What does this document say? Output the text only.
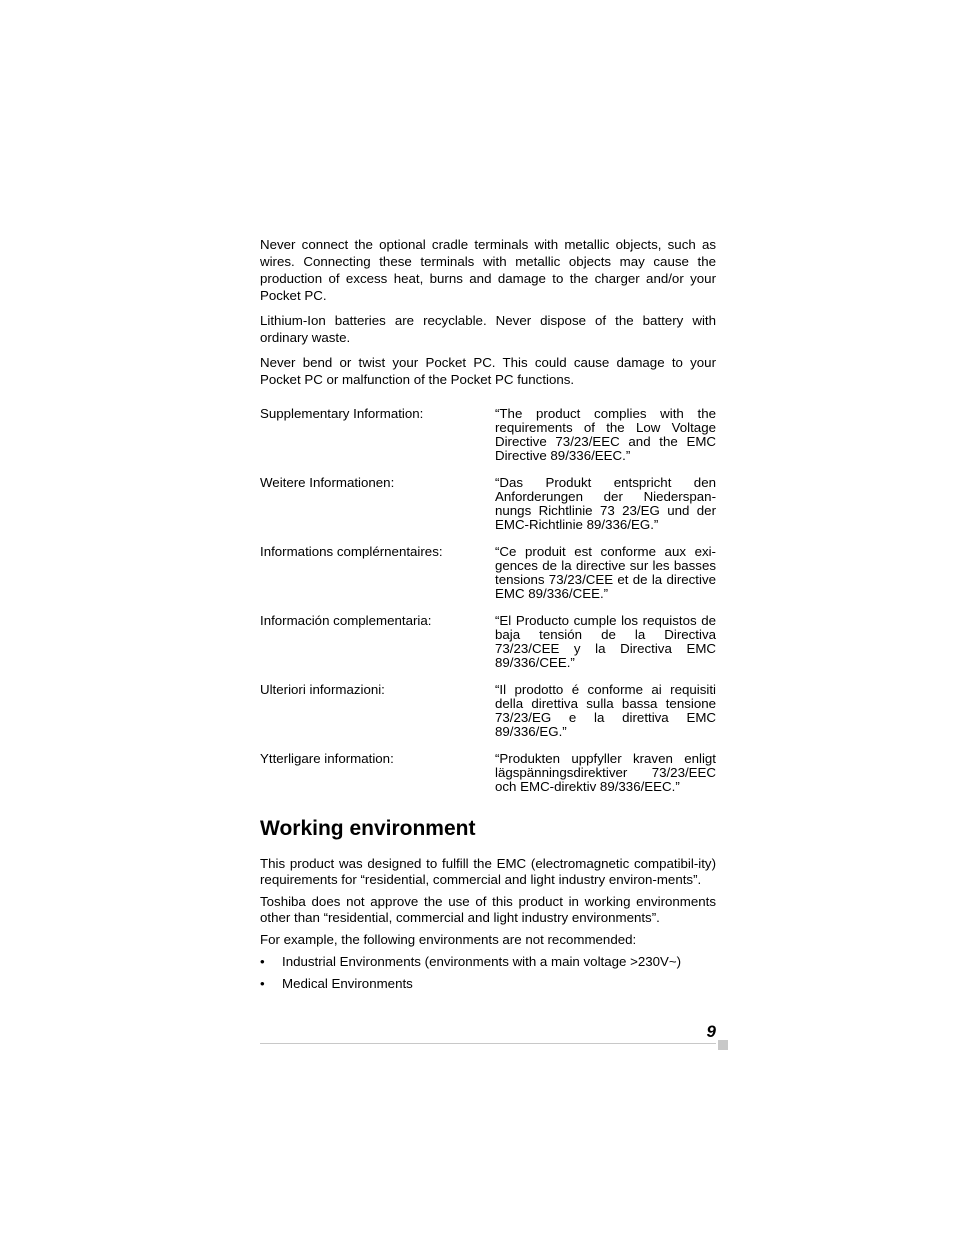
Never connect the optional cradle terminals with metallic objects, such as wires. Connecting these terminals with metallic objects may cause the production of excess heat, burns and damage to the charger and/or your Pocket PC.

Lithium-Ion batteries are recyclable. Never dispose of the battery with ordinary waste.

Never bend or twist your Pocket PC. This could cause damage to your Pocket PC or malfunction of the Pocket PC functions.

Supplementary Information:	“The product complies with the requirements of the Low Voltage Directive 73/23/EEC and the EMC Directive 89/336/EEC.”
Weitere Informationen:	“Das Produkt entspricht den Anforderungen der Niederspan-nungs Richtlinie 73 23/EG und der EMC-Richtlinie 89/336/EG.”
Informations complérnentaires:	“Ce produit est conforme aux exi-gences de la directive sur les basses tensions 73/23/CEE et de la directive EMC 89/336/CEE.”
Información complementaria:	“El Producto cumple los requistos de baja tensión de la Directiva 73/23/CEE y la Directiva EMC 89/336/CEE.”
Ulteriori informazioni:	“Il prodotto é conforme ai requisiti della direttiva sulla bassa tensione 73/23/EG e la direttiva EMC 89/336/EG.”
Ytterligare information:	“Produkten uppfyller kraven enligt lägspänningsdirektiver 73/23/EEC och EMC-direktiv 89/336/EEC.”
Working environment

This product was designed to fulfill the EMC (electromagnetic compatibil-ity) requirements for “residential, commercial and light industry environ-ments”.

Toshiba does not approve the use of this product in working environments other than “residential, commercial and light industry environments”.

For example, the following environments are not recommended:

•	Industrial Environments (environments with a main voltage >230V~)
•	Medical Environments
9
